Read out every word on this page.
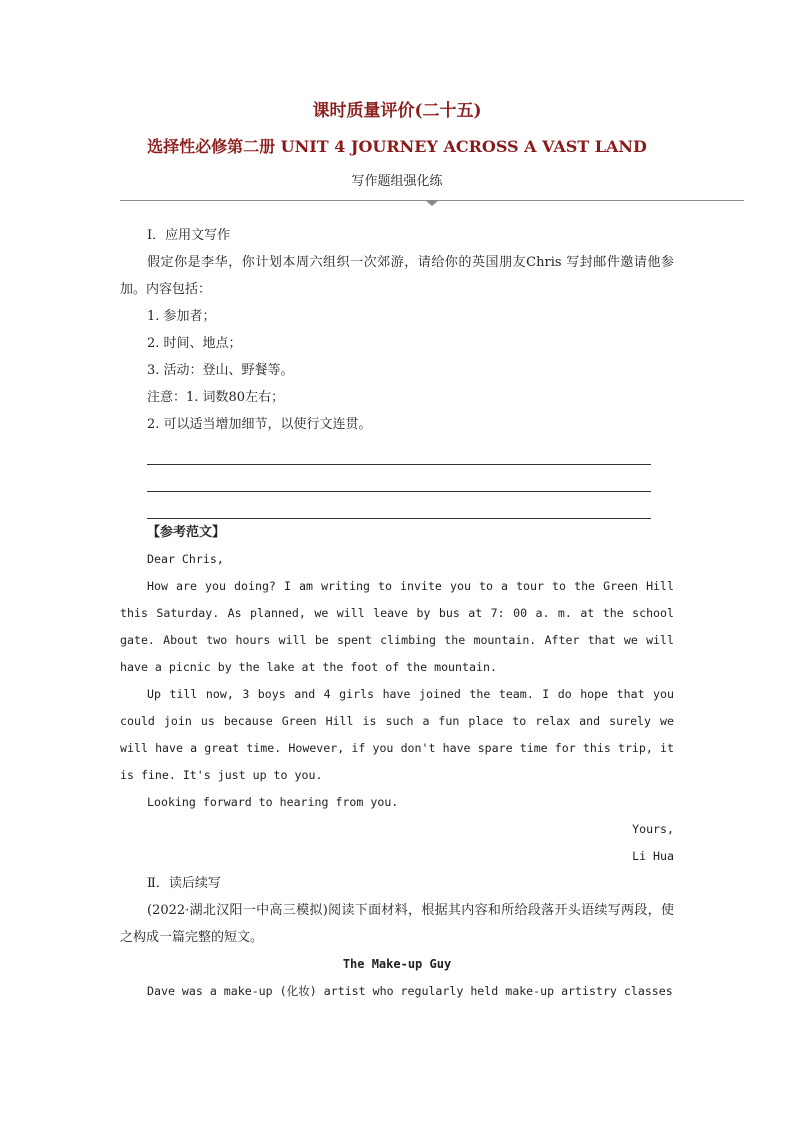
课时质量评价(二十五)
选择性必修第二册 UNIT 4 JOURNEY ACROSS A VAST LAND
写作题组强化练

Ⅰ．应用文写作

假定你是李华，你计划本周六组织一次郊游，请给你的英国朋友Chris 写封邮件邀请他参加。内容包括：

1. 参加者；

2. 时间、地点；

3. 活动：登山、野餐等。

注意：1. 词数80左右；

2. 可以适当增加细节，以使行文连贯。

【参考范文】

Dear Chris,

How are you doing? I am writing to invite you to a tour to the Green Hill this Saturday. As planned, we will leave by bus at 7: 00 a. m. at the school gate. About two hours will be spent climbing the mountain. After that we will have a picnic by the lake at the foot of the mountain.

Up till now, 3 boys and 4 girls have joined the team. I do hope that you could join us because Green Hill is such a fun place to relax and surely we will have a great time. However, if you don't have spare time for this trip, it is fine. It's just up to you.

Looking forward to hearing from you.

Yours,
Li Hua

Ⅱ．读后续写

(2022·湖北汉阳一中高三模拟)阅读下面材料，根据其内容和所给段落开头语续写两段，使之构成一篇完整的短文。

The Make-up Guy

Dave was a make-up (化妆) artist who regularly held make-up artistry classes
